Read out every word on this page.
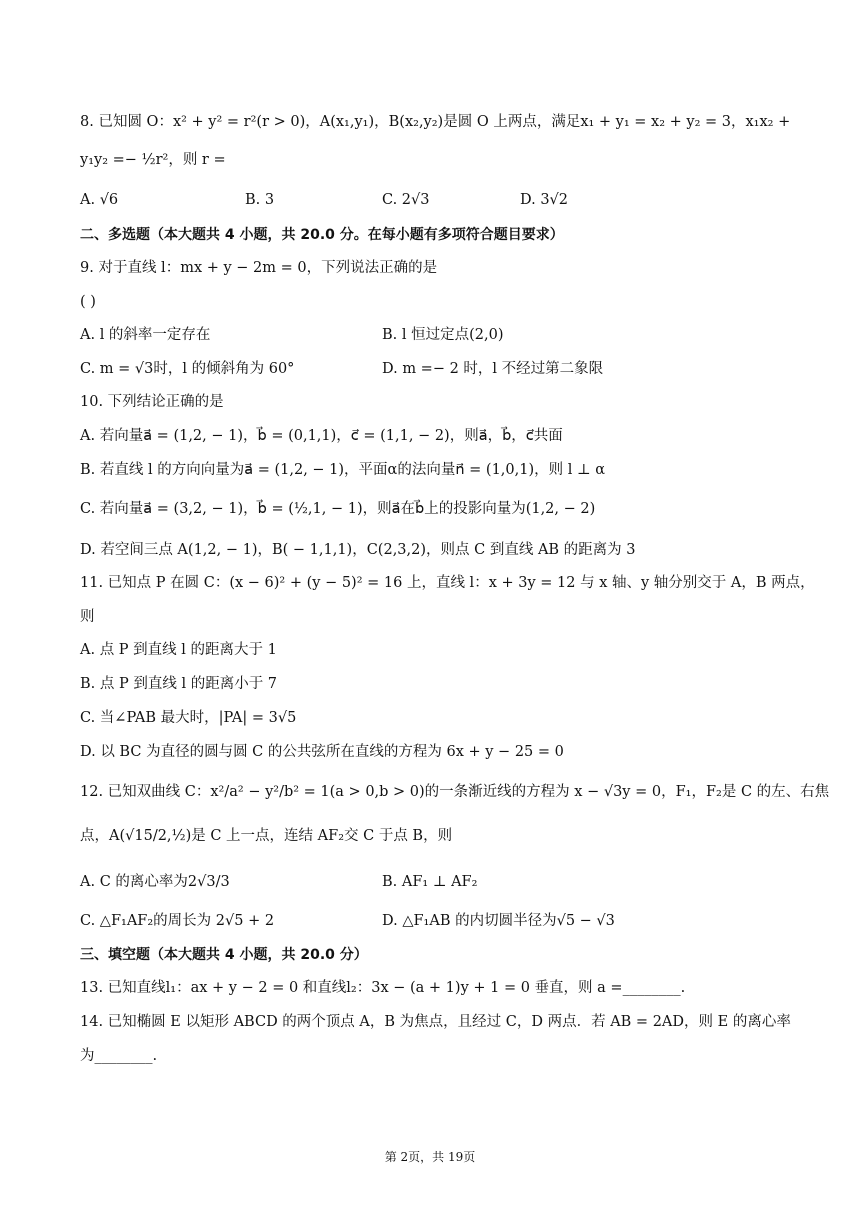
8. 已知圆 O：x² + y² = r²(r > 0)，A(x₁,y₁)，B(x₂,y₂)是圆 O 上两点，满足x₁ + y₁ = x₂ + y₂ = 3，x₁x₂ +
y₁y₂ =− ½r²，则 r =
A. √6	B. 3	C. 2√3	D. 3√2
二、多选题（本大题共 4 小题，共 20.0 分。在每小题有多项符合题目要求）
9. 对于直线 l：mx + y − 2m = 0，下列说法正确的是
( )
A. l 的斜率一定存在	B. l 恒过定点(2,0)
C. m = √3时，l 的倾斜角为 60°	D. m =− 2 时，l 不经过第二象限
10. 下列结论正确的是
A. 若向量a⃗ = (1,2, − 1)，b⃗ = (0,1,1)，c⃗ = (1,1, − 2)，则a⃗，b⃗，c⃗共面
B. 若直线 l 的方向向量为a⃗ = (1,2, − 1)，平面α的法向量n⃗ = (1,0,1)，则 l ⊥ α
C. 若向量a⃗ = (3,2, − 1)，b⃗ = (½,1, − 1)，则a⃗在b⃗上的投影向量为(1,2, − 2)
D. 若空间三点 A(1,2, − 1)，B( − 1,1,1)，C(2,3,2)，则点 C 到直线 AB 的距离为 3
11. 已知点 P 在圆 C：(x − 6)² + (y − 5)² = 16 上，直线 l：x + 3y = 12 与 x 轴、y 轴分别交于 A，B 两点，
则
A. 点 P 到直线 l 的距离大于 1
B. 点 P 到直线 l 的距离小于 7
C. 当∠PAB 最大时，|PA| = 3√5
D. 以 BC 为直径的圆与圆 C 的公共弦所在直线的方程为 6x + y − 25 = 0
12. 已知双曲线 C：x²/a² − y²/b² = 1(a > 0,b > 0)的一条渐近线的方程为 x − √3y = 0，F₁，F₂是 C 的左、右焦
点，A(√15/2,½)是 C 上一点，连结 AF₂交 C 于点 B，则
A. C 的离心率为2√3/3	B. AF₁ ⊥ AF₂
C. △F₁AF₂的周长为 2√5 + 2	D. △F₁AB 的内切圆半径为√5 − √3
三、填空题（本大题共 4 小题，共 20.0 分）
13. 已知直线l₁：ax + y − 2 = 0 和直线l₂：3x − (a + 1)y + 1 = 0 垂直，则 a =________.
14. 已知椭圆 E 以矩形 ABCD 的两个顶点 A，B 为焦点，且经过 C，D 两点．若 AB = 2AD，则 E 的离心率
为________.
第 2页，共 19页
